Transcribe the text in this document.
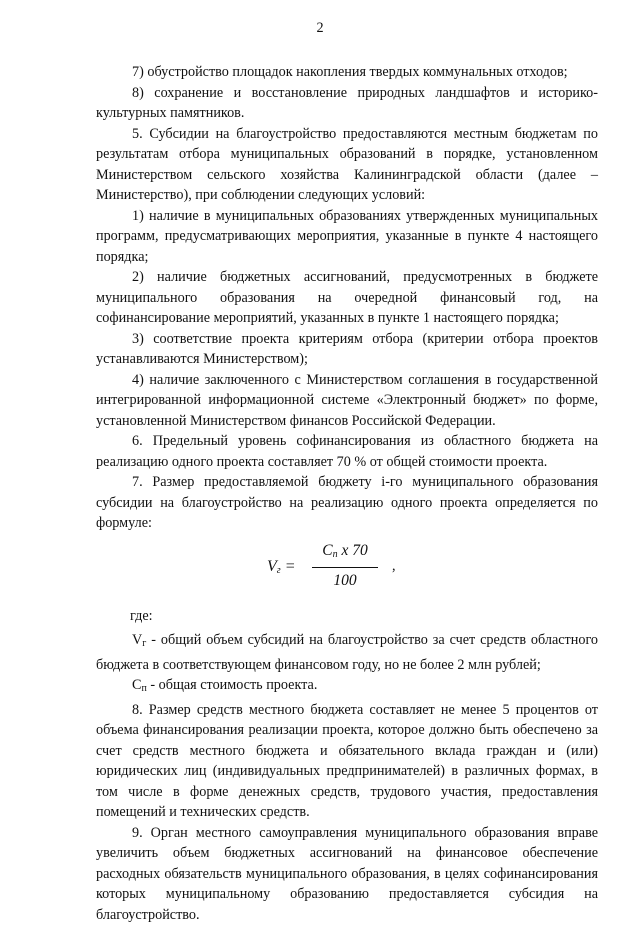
2

7) обустройство площадок накопления твердых коммунальных отходов;

8) сохранение и восстановление природных ландшафтов и историко-культурных памятников.

5. Субсидии на благоустройство предоставляются местным бюджетам по результатам отбора муниципальных образований в порядке, установленном Министерством сельского хозяйства Калининградской области (далее – Министерство), при соблюдении следующих условий:

1) наличие в муниципальных образованиях утвержденных муниципальных программ, предусматривающих мероприятия, указанные в пункте 4 настоящего порядка;

2) наличие бюджетных ассигнований, предусмотренных в бюджете муниципального образования на очередной финансовый год, на софинансирование мероприятий, указанных в пункте 1 настоящего порядка;

3) соответствие проекта критериям отбора (критерии отбора проектов устанавливаются Министерством);

4) наличие заключенного с Министерством соглашения в государственной интегрированной информационной системе «Электронный бюджет» по форме, установленной Министерством финансов Российской Федерации.

6. Предельный уровень софинансирования из областного бюджета на реализацию одного проекта составляет 70 % от общей стоимости проекта.

7. Размер предоставляемой бюджету i-го муниципального образования субсидии на благоустройство на реализацию одного проекта определяется по формуле:

$V_г$ =
$C_п$ x 70
100
,

где:

$V_г$ - общий объем субсидий на благоустройство за счет средств областного бюджета в соответствующем финансовом году, но не более 2 млн рублей;

$C_п$ - общая стоимость проекта.

8. Размер средств местного бюджета составляет не менее 5 процентов от объема финансирования реализации проекта, которое должно быть обеспечено за счет средств местного бюджета и обязательного вклада граждан и (или) юридических лиц (индивидуальных предпринимателей) в различных формах, в том числе в форме денежных средств, трудового участия, предоставления помещений и технических средств.

9. Орган местного самоуправления муниципального образования вправе увеличить объем бюджетных ассигнований на финансовое обеспечение расходных обязательств муниципального образования, в целях софинансирования которых муниципальному образованию предоставляется субсидия на благоустройство.
